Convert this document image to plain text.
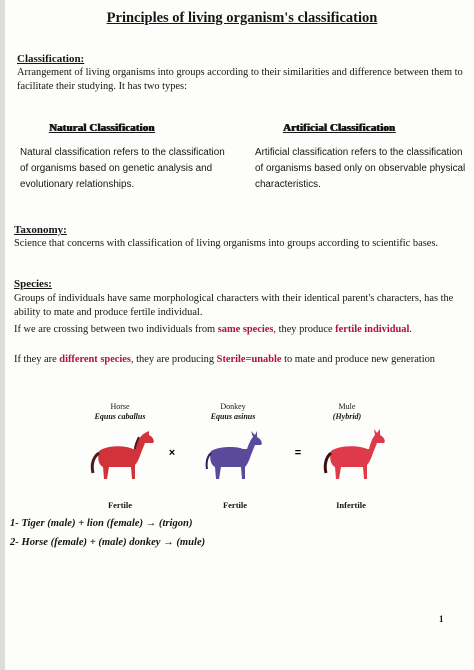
Principles of living organism's classification
Classification:
Arrangement of living organisms into groups according to their similarities and difference between them to facilitate their studying. It has two types:
Natural Classification
Natural classification refers to the classification of organisms based on genetic analysis and evolutionary relationships.
Artificial Classification
Artificial classification refers to the classification of organisms based only on observable physical characteristics.
Taxonomy:
Science that concerns with classification of living organisms into groups according to scientific bases.
Species:
Groups of individuals have same morphological characters with their identical parent's characters, has the ability to mate and produce fertile individual.
If we are crossing between two individuals from same species, they produce fertile individual.
If they are different species, they are producing Sterile=unable to mate and produce new generation
Horse
Equus caballus
Donkey
Equus asinus
Mule
(Hybrid)
×	=
Fertile	Fertile	Infertile
1- Tiger (male) + lion (female) → (trigon)
2- Horse (female) + (male) donkey → (mule)
1
